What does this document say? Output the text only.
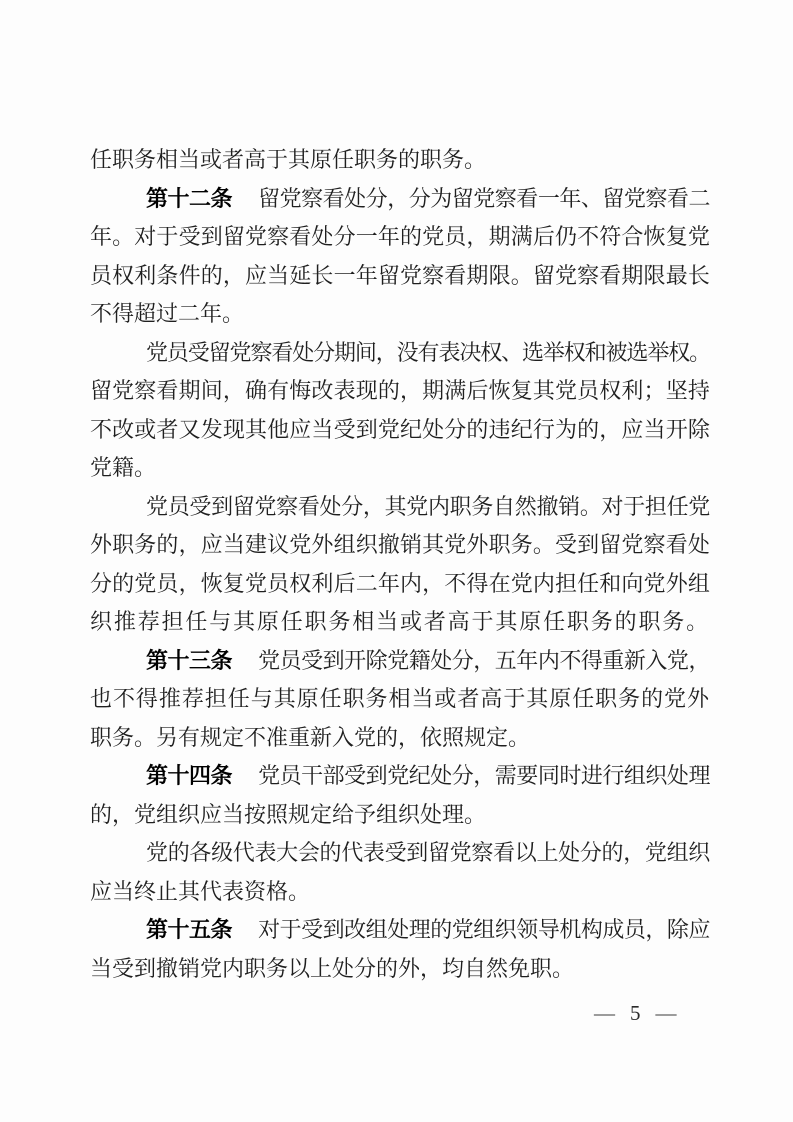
任职务相当或者高于其原任职务的职务。
第十二条 留党察看处分，分为留党察看一年、留党察看二
年。对于受到留党察看处分一年的党员，期满后仍不符合恢复党
员权利条件的，应当延长一年留党察看期限。留党察看期限最长
不得超过二年。
党员受留党察看处分期间，没有表决权、选举权和被选举权。
留党察看期间，确有悔改表现的，期满后恢复其党员权利；坚持
不改或者又发现其他应当受到党纪处分的违纪行为的，应当开除
党籍。
党员受到留党察看处分，其党内职务自然撤销。对于担任党
外职务的，应当建议党外组织撤销其党外职务。受到留党察看处
分的党员，恢复党员权利后二年内，不得在党内担任和向党外组
织推荐担任与其原任职务相当或者高于其原任职务的职务。
第十三条 党员受到开除党籍处分，五年内不得重新入党，
也不得推荐担任与其原任职务相当或者高于其原任职务的党外
职务。另有规定不准重新入党的，依照规定。
第十四条 党员干部受到党纪处分，需要同时进行组织处理
的，党组织应当按照规定给予组织处理。
党的各级代表大会的代表受到留党察看以上处分的，党组织
应当终止其代表资格。
第十五条 对于受到改组处理的党组织领导机构成员，除应
当受到撤销党内职务以上处分的外，均自然免职。
— 5 —
